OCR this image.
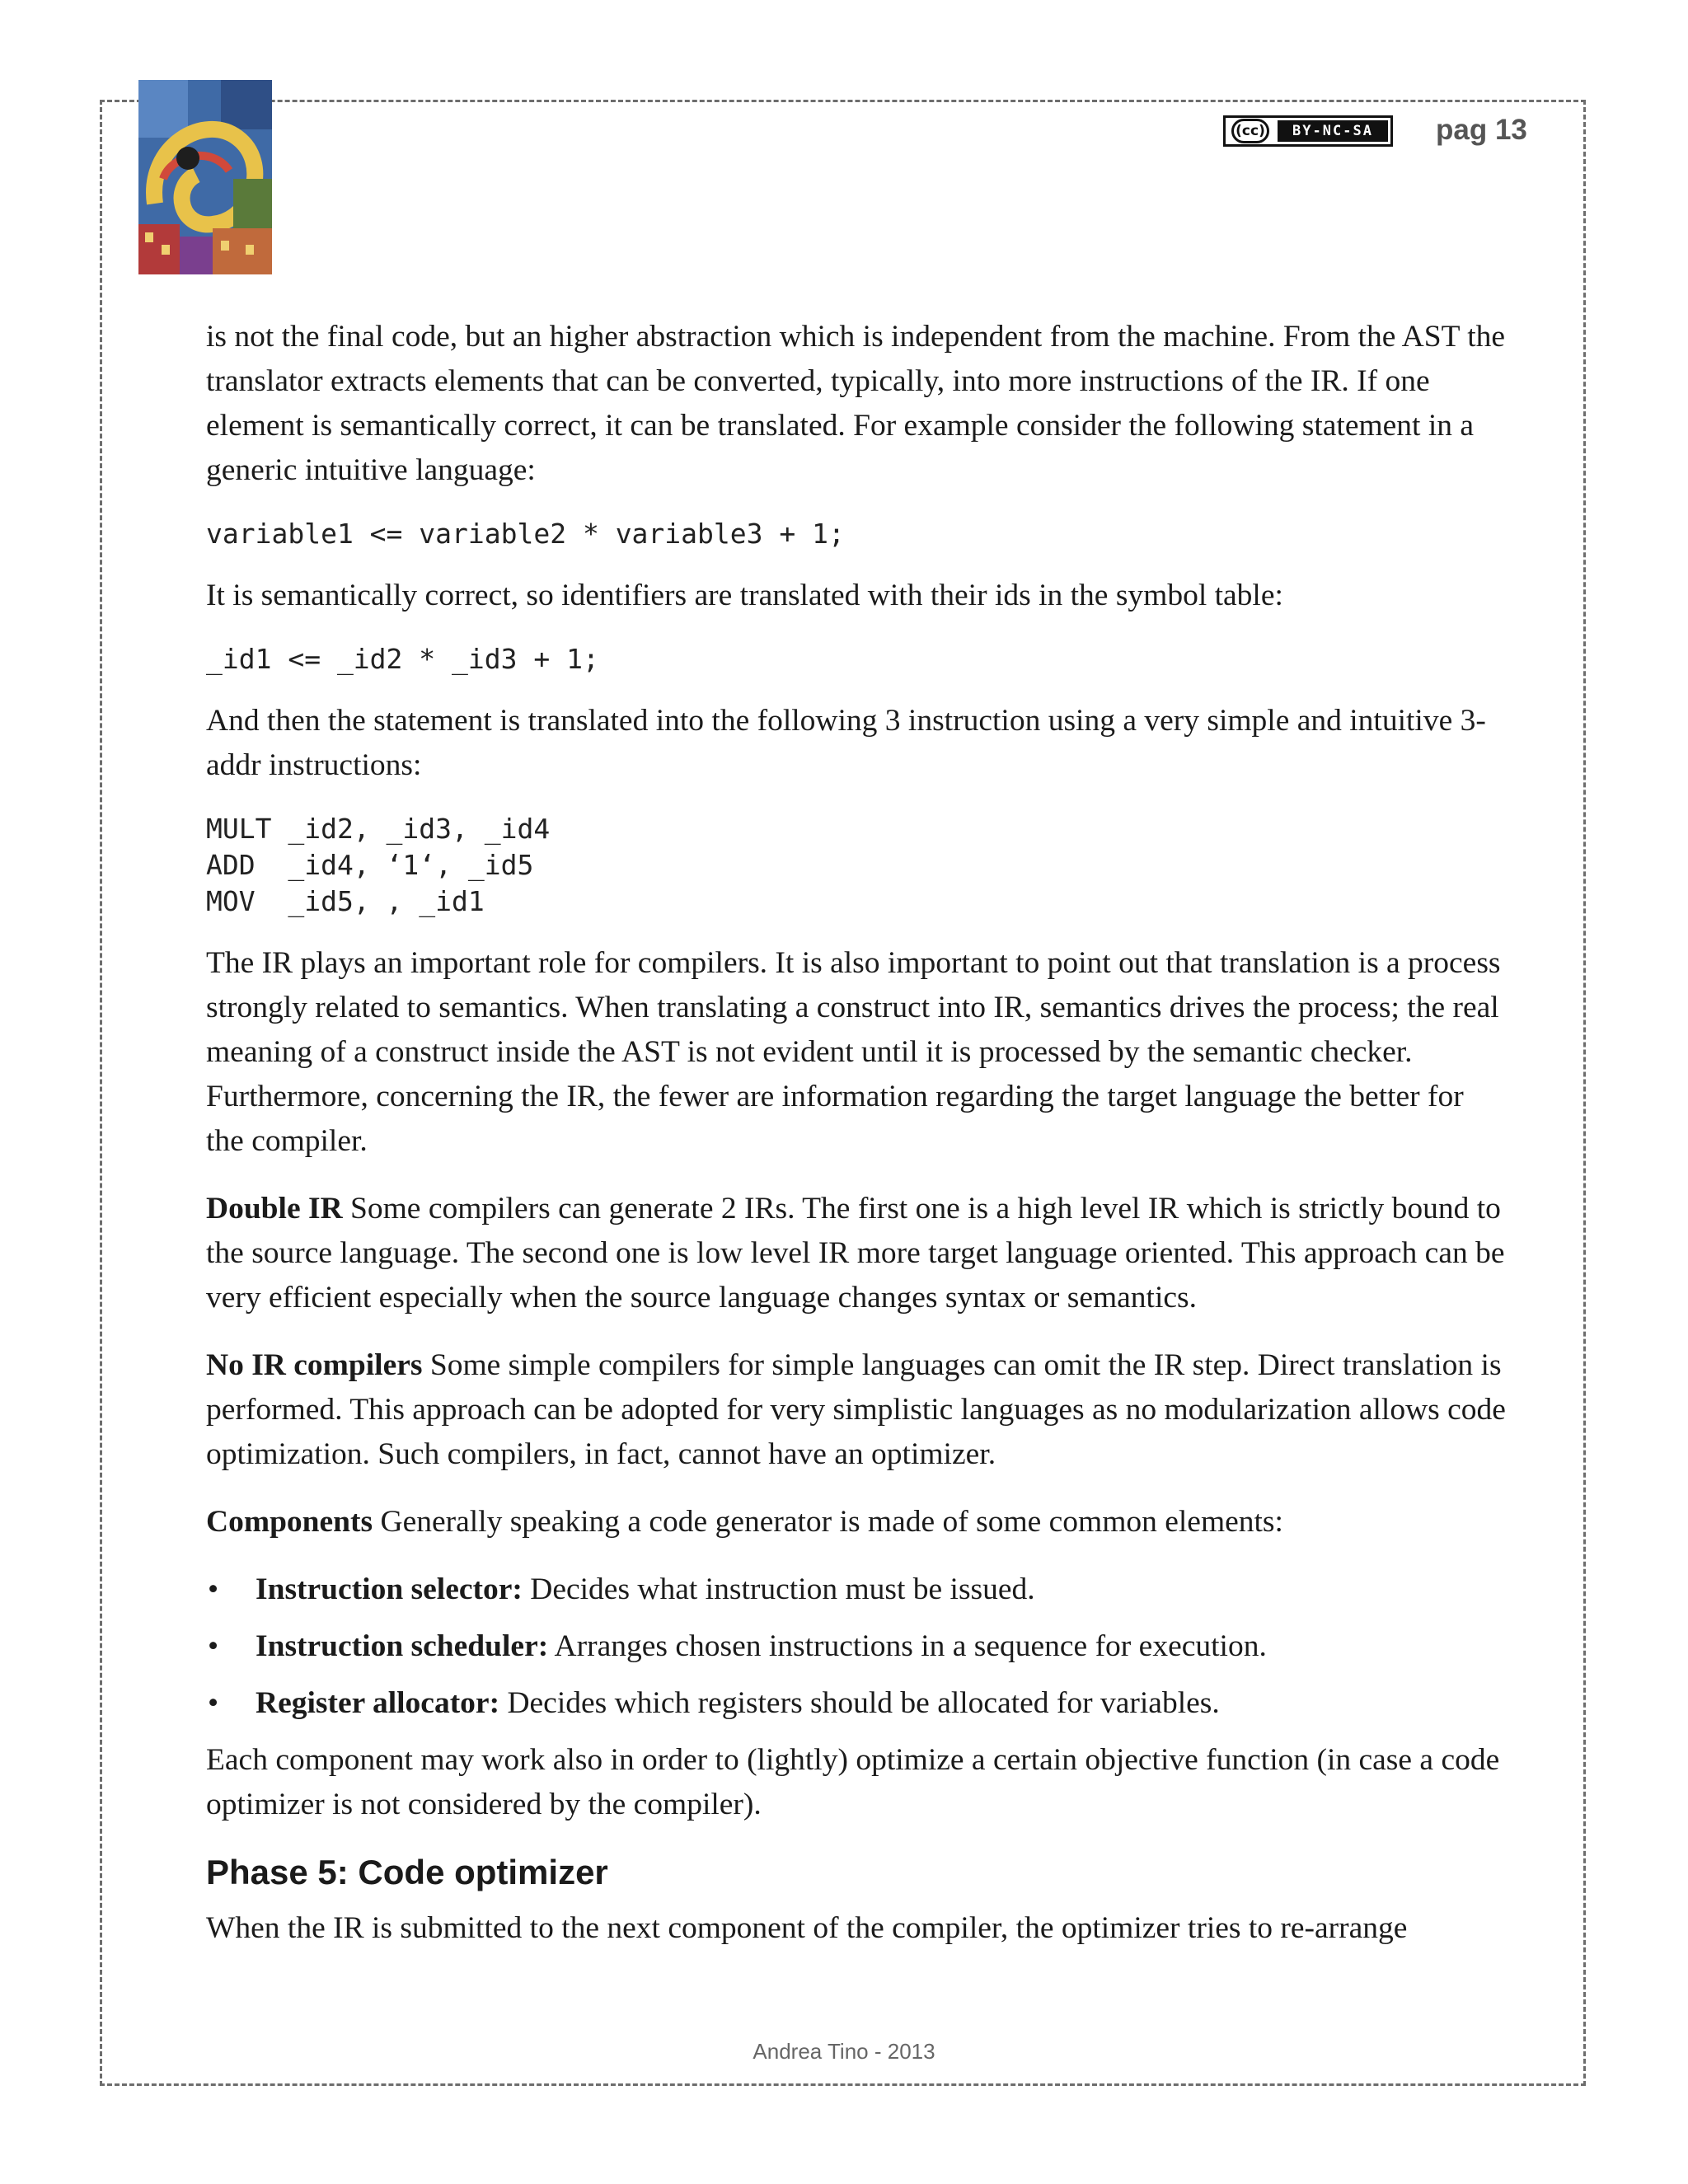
(cc)	BY-NC-SA	pag 13

is not the final code, but an higher abstraction which is independent from the machine. From the AST the translator extracts elements that can be converted, typically, into more instructions of the IR. If one element is semantically correct, it can be translated. For example consider the following statement in a generic intuitive language:

variable1 <= variable2 * variable3 + 1;

It is semantically correct, so identifiers are translated with their ids in the symbol table:

_id1 <= _id2 * _id3 + 1;

And then the statement is translated into the following 3 instruction using a very simple and intuitive 3-addr instructions:

MULT _id2, _id3, _id4
ADD  _id4, ‘1‘, _id5
MOV  _id5, , _id1

The IR plays an important role for compilers. It is also important to point out that translation is a process strongly related to semantics. When translating a construct into IR, semantics drives the process; the real meaning of a construct inside the AST is not evident until it is processed by the semantic checker. Furthermore, concerning the IR, the fewer are information regarding the target language the better for the compiler.

Double IR Some compilers can generate 2 IRs. The first one is a high level IR which is strictly bound to the source language. The second one is low level IR more target language oriented. This approach can be very efficient especially when the source language changes syntax or semantics.

No IR compilers Some simple compilers for simple languages can omit the IR step. Direct translation is performed. This approach can be adopted for very simplistic languages as no modularization allows code optimization. Such compilers, in fact, cannot have an optimizer.

Components Generally speaking a code generator is made of some common elements:

• Instruction selector: Decides what instruction must be issued.
• Instruction scheduler: Arranges chosen instructions in a sequence for execution.
• Register allocator: Decides which registers should be allocated for variables.

Each component may work also in order to (lightly) optimize a certain objective function (in case a code optimizer is not considered by the compiler).

Phase 5: Code optimizer

When the IR is submitted to the next component of the compiler, the optimizer tries to re-arrange

Andrea Tino - 2013
